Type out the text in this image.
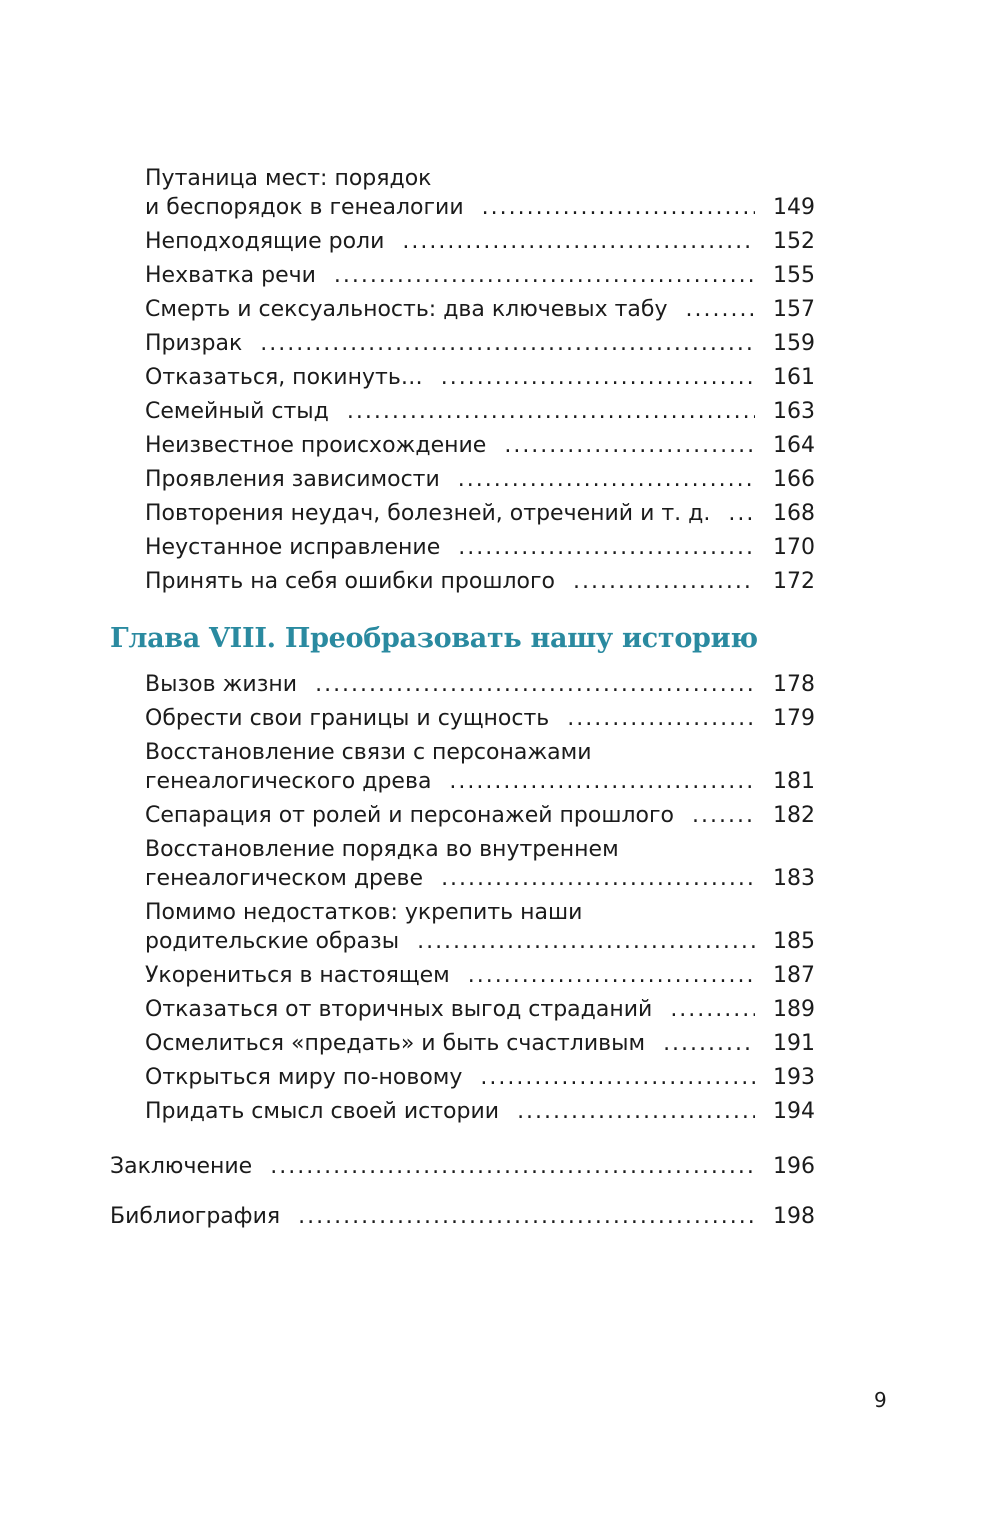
Путаница мест: порядок
и беспорядок в генеалогии .....	149
Неподходящие роли .....	152
Нехватка речи .....	155
Смерть и сексуальность: два ключевых табу .....	157
Призрак .....	159
Отказаться, покинуть… .....	161
Семейный стыд .....	163
Неизвестное происхождение .....	164
Проявления зависимости .....	166
Повторения неудач, болезней, отречений и т. д. .....	168
Неустанное исправление .....	170
Принять на себя ошибки прошлого .....	172
Глава VIII. Преобразовать нашу историю
Вызов жизни .....	178
Обрести свои границы и сущность .....	179
Восстановление связи с персонажами
генеалогического древа .....	181
Сепарация от ролей и персонажей прошлого .....	182
Восстановление порядка во внутреннем
генеалогическом древе .....	183
Помимо недостатков: укрепить наши
родительские образы .....	185
Укорениться в настоящем .....	187
Отказаться от вторичных выгод страданий .....	189
Осмелиться «предать» и быть счастливым .....	191
Открыться миру по-новому .....	193
Придать смысл своей истории .....	194
Заключение .....	196
Библиография .....	198
9
